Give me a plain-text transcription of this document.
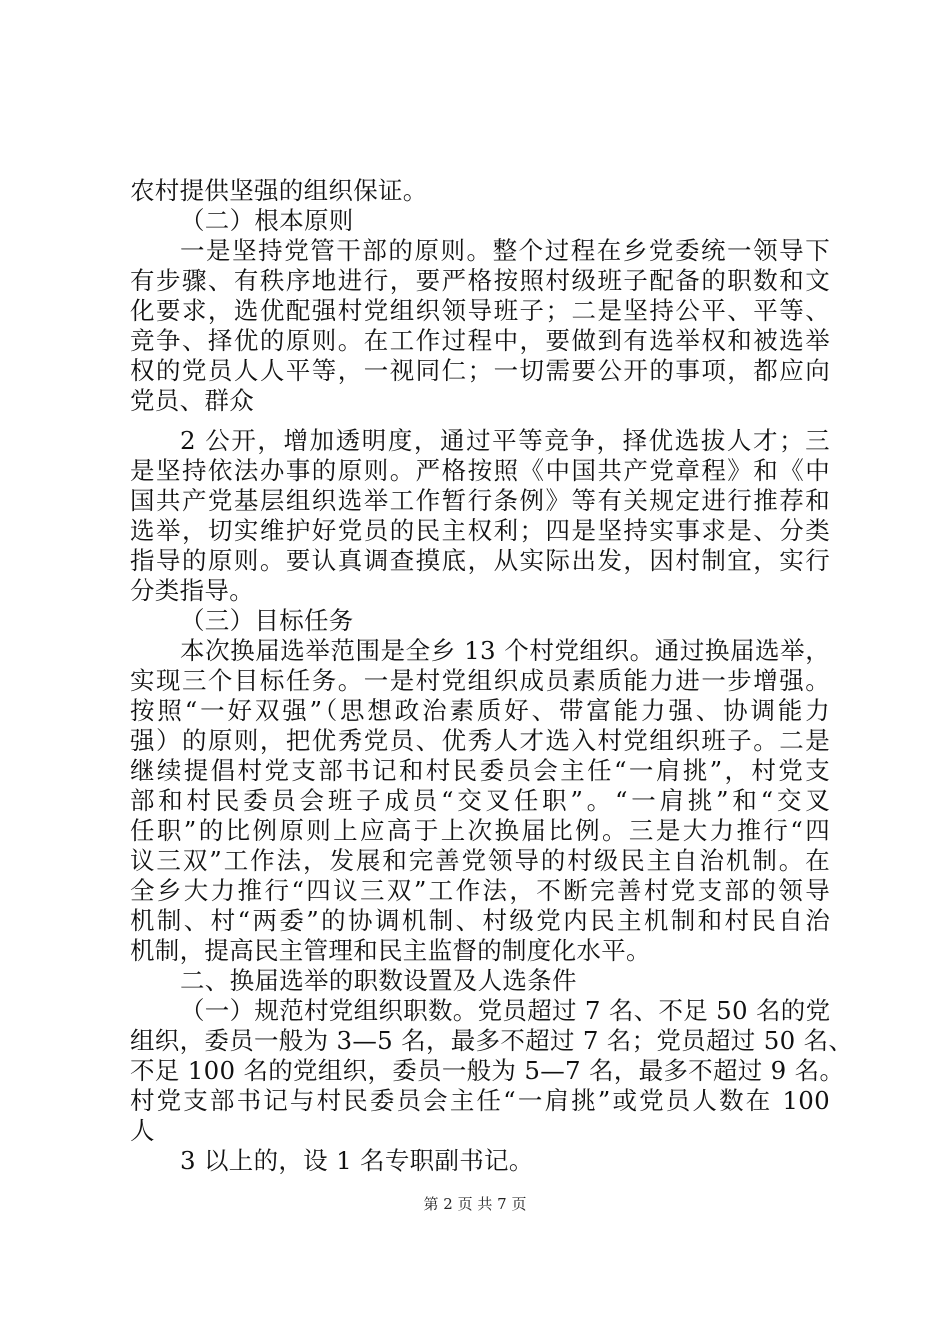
农村提供坚强的组织保证。
（二）根本原则
一是坚持党管干部的原则。整个过程在乡党委统一领导下
有步骤、有秩序地进行，要严格按照村级班子配备的职数和文
化要求，选优配强村党组织领导班子；二是坚持公平、平等、
竞争、择优的原则。在工作过程中，要做到有选举权和被选举
权的党员人人平等，一视同仁；一切需要公开的事项，都应向
党员、群众
2 公开，增加透明度，通过平等竞争，择优选拔人才；三
是坚持依法办事的原则。严格按照《中国共产党章程》和《中
国共产党基层组织选举工作暂行条例》等有关规定进行推荐和
选举，切实维护好党员的民主权利；四是坚持实事求是、分类
指导的原则。要认真调查摸底，从实际出发，因村制宜，实行
分类指导。
（三）目标任务
本次换届选举范围是全乡 13 个村党组织。通过换届选举，
实现三个目标任务。一是村党组织成员素质能力进一步增强。
按照“一好双强”（思想政治素质好、带富能力强、协调能力
强）的原则，把优秀党员、优秀人才选入村党组织班子。二是
继续提倡村党支部书记和村民委员会主任“一肩挑”，村党支
部和村民委员会班子成员“交叉任职”。“一肩挑”和“交叉
任职”的比例原则上应高于上次换届比例。三是大力推行“四
议三双”工作法，发展和完善党领导的村级民主自治机制。在
全乡大力推行“四议三双”工作法，不断完善村党支部的领导
机制、村“两委”的协调机制、村级党内民主机制和村民自治
机制，提高民主管理和民主监督的制度化水平。
二、换届选举的职数设置及人选条件
（一）规范村党组织职数。党员超过 7 名、不足 50 名的党
组织，委员一般为 3—5 名，最多不超过 7 名；党员超过 50 名、
不足 100 名的党组织，委员一般为 5—7 名，最多不超过 9 名。
村党支部书记与村民委员会主任“一肩挑”或党员人数在 100
人
3 以上的，设 1 名专职副书记。
第 2 页 共 7 页
